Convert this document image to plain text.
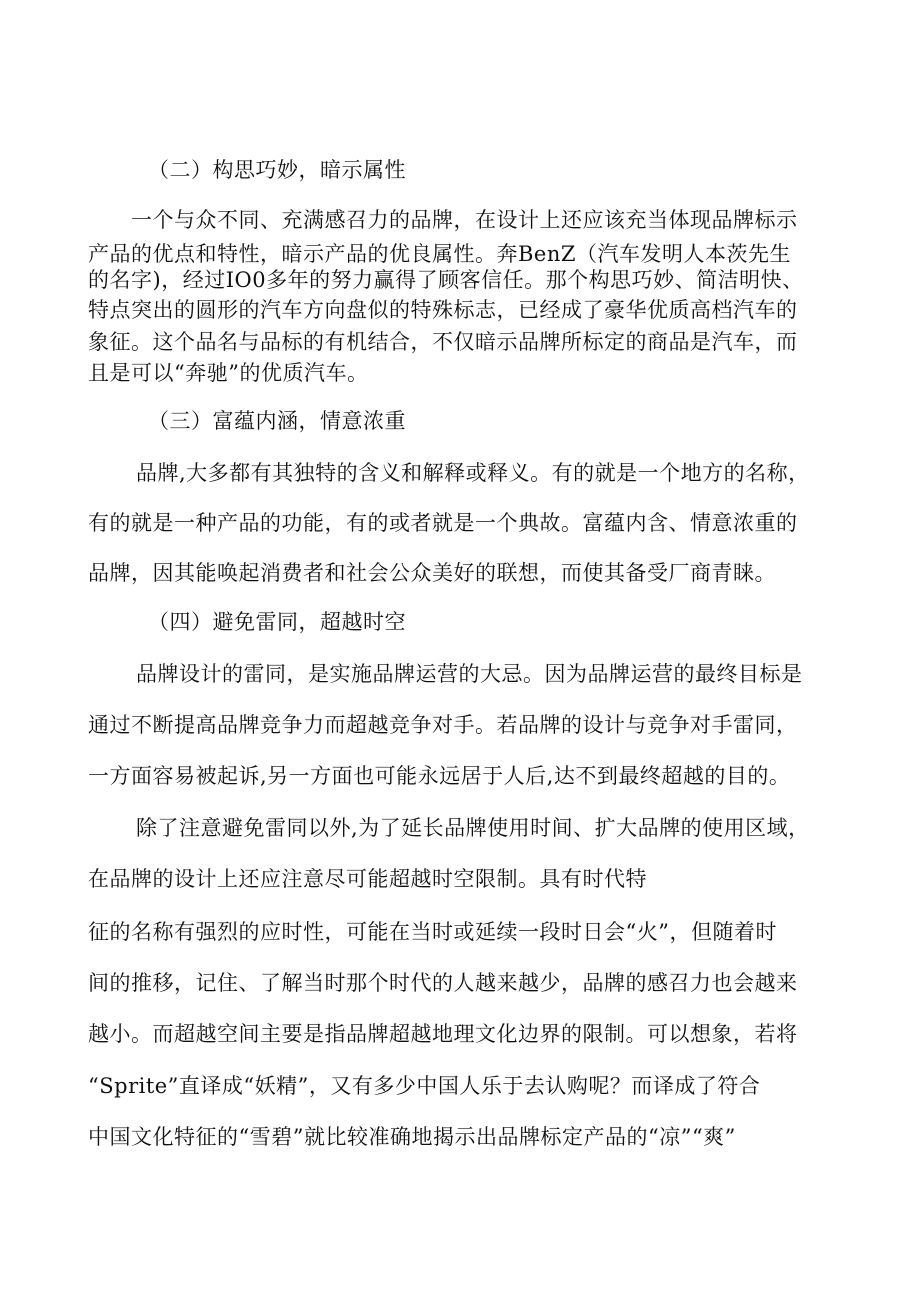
（二）构思巧妙，暗示属性
一个与众不同、充满感召力的品牌，在设计上还应该充当体现品牌标示
产品的优点和特性，暗示产品的优良属性。奔BenZ（汽车发明人本茨先生
的名字)，经过IO0多年的努力赢得了顾客信任。那个构思巧妙、简洁明快、
特点突出的圆形的汽车方向盘似的特殊标志，已经成了豪华优质高档汽车的
象征。这个品名与品标的有机结合，不仅暗示品牌所标定的商品是汽车，而
且是可以“奔驰”的优质汽车。
（三）富蕴内涵，情意浓重
品牌,大多都有其独特的含义和解释或释义。有的就是一个地方的名称，
有的就是一种产品的功能，有的或者就是一个典故。富蕴内含、情意浓重的
品牌，因其能唤起消费者和社会公众美好的联想，而使其备受厂商青睐。
（四）避免雷同，超越时空
品牌设计的雷同，是实施品牌运营的大忌。因为品牌运营的最终目标是
通过不断提高品牌竞争力而超越竞争对手。若品牌的设计与竞争对手雷同，
一方面容易被起诉,另一方面也可能永远居于人后,达不到最终超越的目的。
除了注意避免雷同以外,为了延长品牌使用时间、扩大品牌的使用区域，
在品牌的设计上还应注意尽可能超越时空限制。具有时代特
征的名称有强烈的应时性，可能在当时或延续一段时日会“火”，但随着时
间的推移，记住、了解当时那个时代的人越来越少，品牌的感召力也会越来
越小。而超越空间主要是指品牌超越地理文化边界的限制。可以想象，若将
“Sprite”直译成“妖精”，又有多少中国人乐于去认购呢？而译成了符合
中国文化特征的“雪碧”就比较准确地揭示出品牌标定产品的“凉”“爽”
